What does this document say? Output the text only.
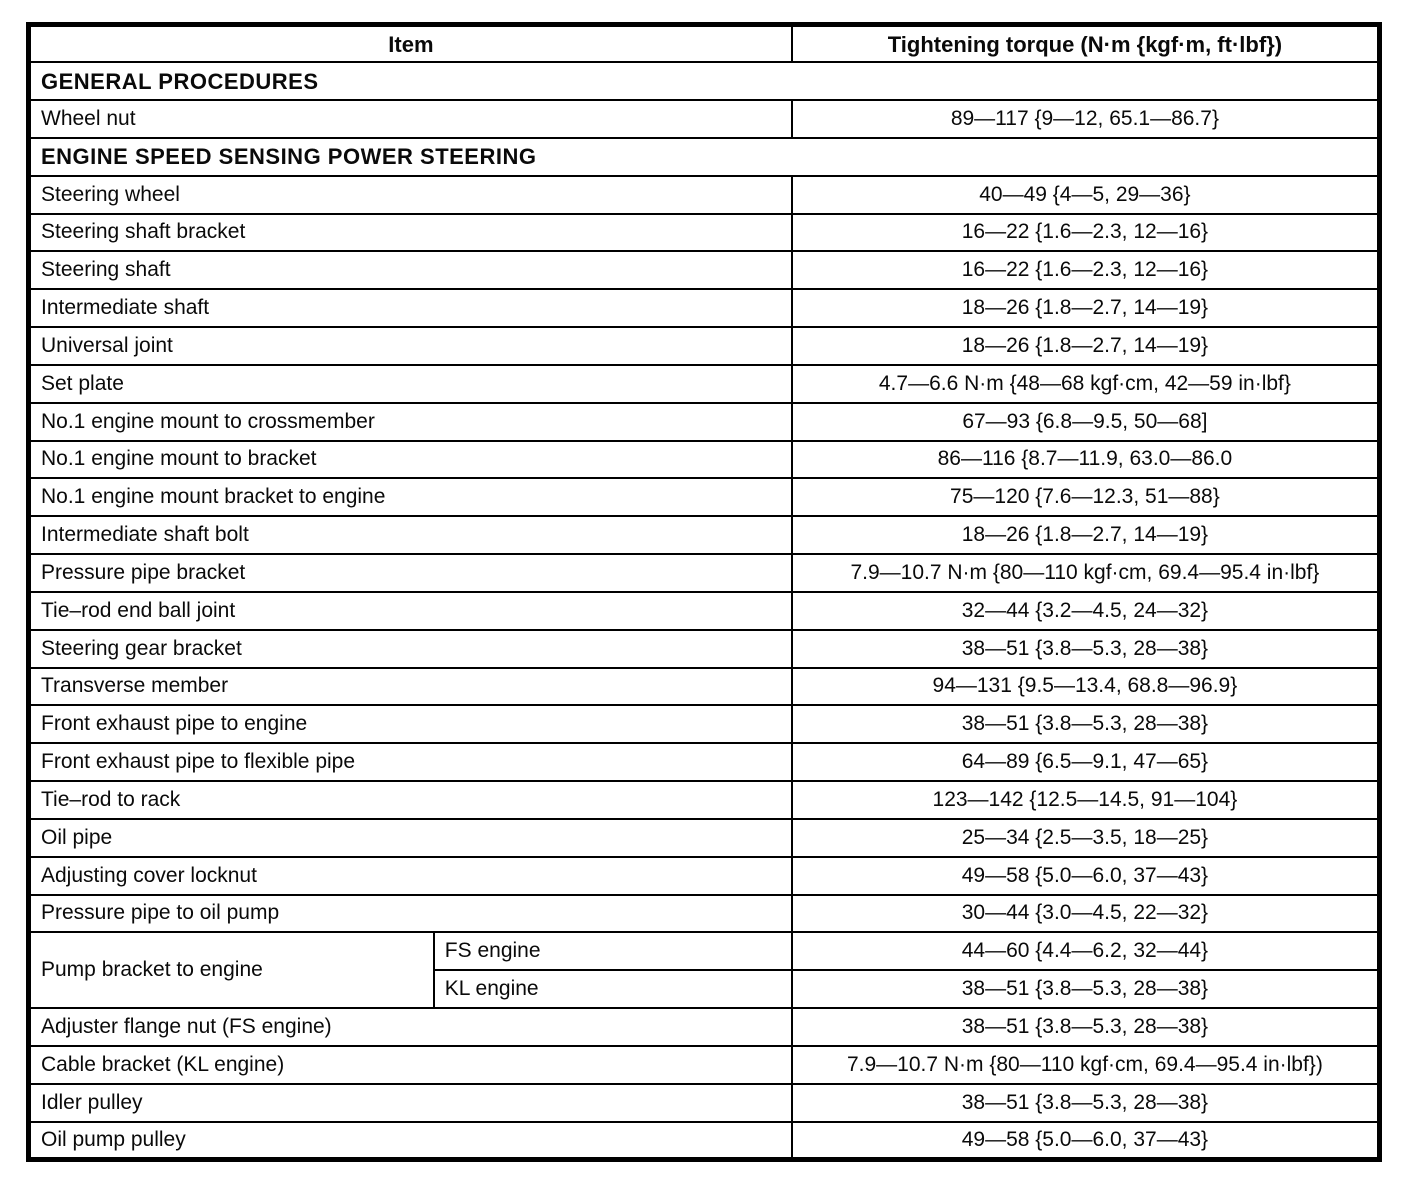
Item		Tightening torque (N·m {kgf·m, ft·lbf})
GENERAL PROCEDURES		
Wheel nut		89—117 {9—12, 65.1—86.7}
ENGINE SPEED SENSING POWER STEERING		
Steering wheel		40—49 {4—5, 29—36}
Steering shaft bracket		16—22 {1.6—2.3, 12—16}
Steering shaft		16—22 {1.6—2.3, 12—16}
Intermediate shaft		18—26 {1.8—2.7, 14—19}
Universal joint		18—26 {1.8—2.7, 14—19}
Set plate		4.7—6.6 N·m {48—68 kgf·cm, 42—59 in·lbf}
No.1 engine mount to crossmember		67—93 {6.8—9.5, 50—68]
No.1 engine mount to bracket		86—116 {8.7—11.9, 63.0—86.0
No.1 engine mount bracket to engine		75—120 {7.6—12.3, 51—88}
Intermediate shaft bolt		18—26 {1.8—2.7, 14—19}
Pressure pipe bracket		7.9—10.7 N·m {80—110 kgf·cm, 69.4—95.4 in·lbf}
Tie–rod end ball joint		32—44 {3.2—4.5, 24—32}
Steering gear bracket		38—51 {3.8—5.3, 28—38}
Transverse member		94—131 {9.5—13.4, 68.8—96.9}
Front exhaust pipe to engine		38—51 {3.8—5.3, 28—38}
Front exhaust pipe to flexible pipe		64—89 {6.5—9.1, 47—65}
Tie–rod to rack		123—142 {12.5—14.5, 91—104}
Oil pipe		25—34 {2.5—3.5, 18—25}
Adjusting cover locknut		49—58 {5.0—6.0, 37—43}
Pressure pipe to oil pump		30—44 {3.0—4.5, 22—32}
Pump bracket to engine	FS engine	44—60 {4.4—6.2, 32—44}
	KL engine	38—51 {3.8—5.3, 28—38}
Adjuster flange nut (FS engine)		38—51 {3.8—5.3, 28—38}
Cable bracket (KL engine)		7.9—10.7 N·m {80—110 kgf·cm, 69.4—95.4 in·lbf})
Idler pulley		38—51 {3.8—5.3, 28—38}
Oil pump pulley		49—58 {5.0—6.0, 37—43}
